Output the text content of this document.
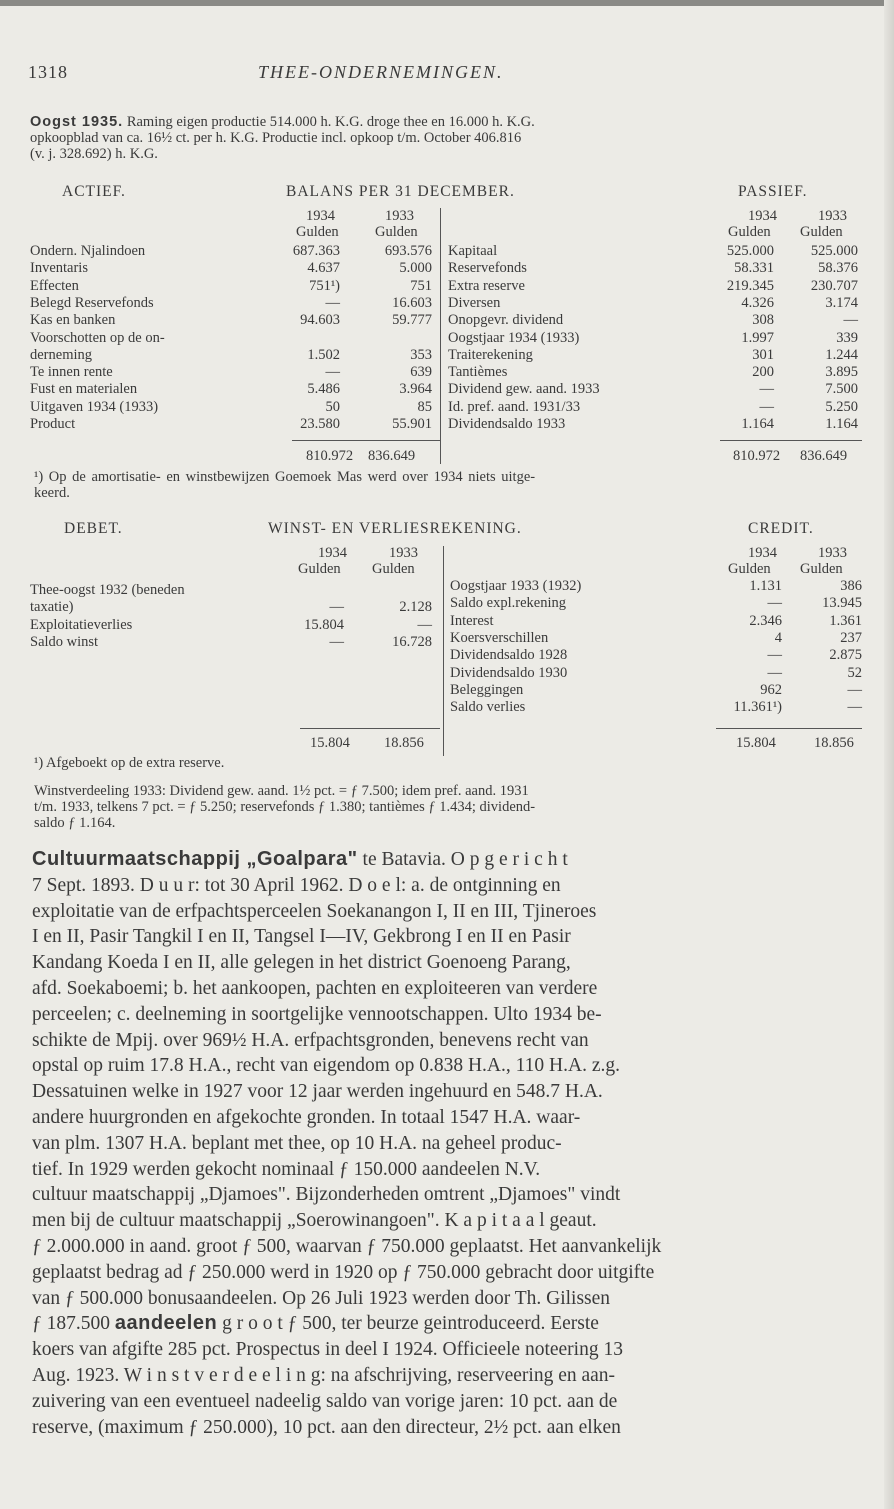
1318	THEE-ONDERNEMINGEN.
Oogst 1935. Raming eigen productie 514.000 h. K.G. droge thee en 16.000 h. K.G.
opkoopblad van ca. 16½ ct. per h. K.G. Productie incl. opkoop t/m. October 406.816
(v. j. 328.692) h. K.G.
ACTIEF.	BALANS PER 31 DECEMBER.	PASSIEF.
1934	1933
Gulden	Gulden
1934	1933
Gulden Gulden
Ondern. Njalindoen	687.363	693.576
Inventaris	4.637	5.000
Effecten	751¹)	751
Belegd Reservefonds	—	16.603
Kas en banken	94.603	59.777
Voorschotten op de on-
derneming	1.502	353
Te innen rente	—	639
Fust en materialen	5.486	3.964
Uitgaven 1934 (1933)	50	85
Product	23.580	55.901
Kapitaal	525.000	525.000
Reservefonds	58.331	58.376
Extra reserve	219.345	230.707
Diversen	4.326	3.174
Onopgevr. dividend	308	—
Oogstjaar 1934 (1933)	1.997	339
Traiterekening	301	1.244
Tantièmes	200	3.895
Dividend gew. aand. 1933	—	7.500
Id. pref. aand. 1931/33	—	5.250
Dividendsaldo 1933	1.164	1.164
810.972 836.649	810.972 836.649
¹) Op de amortisatie- en winstbewijzen Goemoek Mas werd over 1934 niets uitge-
keerd.
DEBET.	WINST- EN VERLIESREKENING.	CREDIT.
1934	1933
Gulden Gulden
1934	1933
Gulden Gulden
Thee-oogst 1932 (beneden
taxatie)	—	2.128
Exploitatieverlies	15.804	—
Saldo winst	—	16.728
Oogstjaar 1933 (1932)	1.131	386
Saldo expl.rekening	—	13.945
Interest	2.346	1.361
Koersverschillen	4	237
Dividendsaldo 1928	—	2.875
Dividendsaldo 1930	—	52
Beleggingen	962	—
Saldo verlies	11.361¹)	—
15.804 18.856	15.804	18.856
¹) Afgeboekt op de extra reserve.
Winstverdeeling 1933: Dividend gew. aand. 1½ pct. = ƒ 7.500; idem pref. aand. 1931
t/m. 1933, telkens 7 pct. = ƒ 5.250; reservefonds ƒ 1.380; tantièmes ƒ 1.434; dividend-
saldo ƒ 1.164.
Cultuurmaatschappij „Goalpara" te Batavia. O p g e r i c h t
7 Sept. 1893. D u u r: tot 30 April 1962. D o e l: a. de ontginning en
exploitatie van de erfpachtsperceelen Soekanangon I, II en III, Tjineroes
I en II, Pasir Tangkil I en II, Tangsel I—IV, Gekbrong I en II en Pasir
Kandang Koeda I en II, alle gelegen in het district Goenoeng Parang,
afd. Soekaboemi; b. het aankoopen, pachten en exploiteeren van verdere
perceelen; c. deelneming in soortgelijke vennootschappen. Ulto 1934 be-
schikte de Mpij. over 969½ H.A. erfpachtsgronden, benevens recht van
opstal op ruim 17.8 H.A., recht van eigendom op 0.838 H.A., 110 H.A. z.g.
Dessatuinen welke in 1927 voor 12 jaar werden ingehuurd en 548.7 H.A.
andere huurgronden en afgekochte gronden. In totaal 1547 H.A. waar-
van plm. 1307 H.A. beplant met thee, op 10 H.A. na geheel produc-
tief. In 1929 werden gekocht nominaal ƒ 150.000 aandeelen N.V.
cultuur maatschappij „Djamoes". Bijzonderheden omtrent „Djamoes" vindt
men bij de cultuur maatschappij „Soerowinangoen". K a p i t a a l geaut.
ƒ 2.000.000 in aand. groot ƒ 500, waarvan ƒ 750.000 geplaatst. Het aanvankelijk
geplaatst bedrag ad ƒ 250.000 werd in 1920 op ƒ 750.000 gebracht door uitgifte
van ƒ 500.000 bonusaandeelen. Op 26 Juli 1923 werden door Th. Gilissen
ƒ 187.500 aandeelen g r o o t ƒ 500, ter beurze geintroduceerd. Eerste
koers van afgifte 285 pct. Prospectus in deel I 1924. Officieele noteering 13
Aug. 1923. W i n s t v e r d e e l i n g: na afschrijving, reserveering en aan-
zuivering van een eventueel nadeelig saldo van vorige jaren: 10 pct. aan de
reserve, (maximum ƒ 250.000), 10 pct. aan den directeur, 2½ pct. aan elken
